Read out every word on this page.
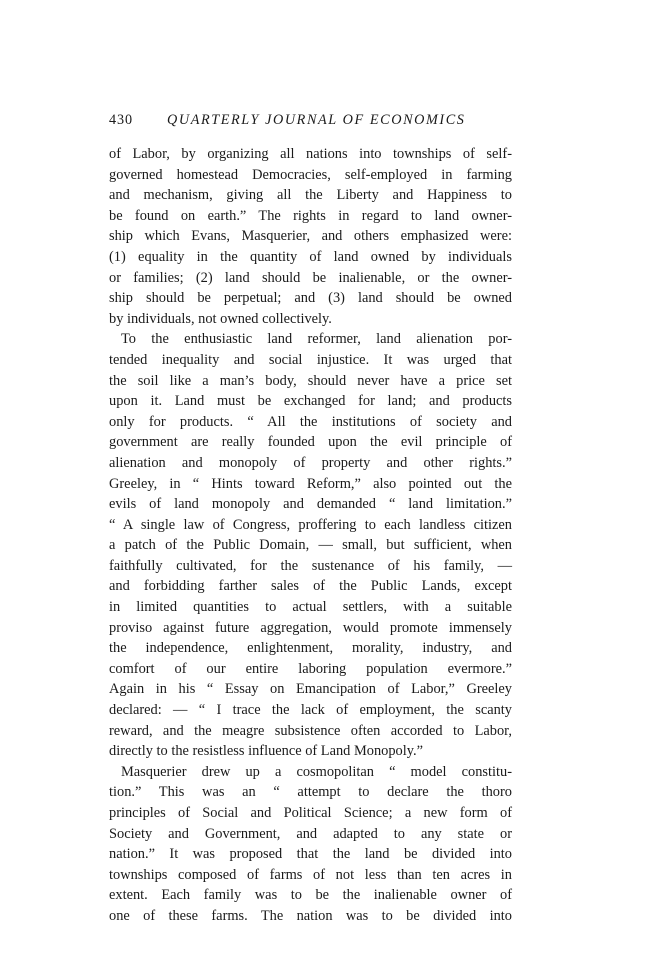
430 QUARTERLY JOURNAL OF ECONOMICS
of Labor, by organizing all nations into townships of self-
governed homestead Democracies, self-employed in farming
and mechanism, giving all the Liberty and Happiness to
be found on earth.” The rights in regard to land owner-
ship which Evans, Masquerier, and others emphasized were:
(1) equality in the quantity of land owned by individuals
or families; (2) land should be inalienable, or the owner-
ship should be perpetual; and (3) land should be owned
by individuals, not owned collectively.
To the enthusiastic land reformer, land alienation por-
tended inequality and social injustice. It was urged that
the soil like a man’s body, should never have a price set
upon it. Land must be exchanged for land; and products
only for products. “ All the institutions of society and
government are really founded upon the evil principle of
alienation and monopoly of property and other rights.”
Greeley, in “ Hints toward Reform,” also pointed out the
evils of land monopoly and demanded “ land limitation.”
“ A single law of Congress, proffering to each landless citizen
a patch of the Public Domain, — small, but sufficient, when
faithfully cultivated, for the sustenance of his family, —
and forbidding farther sales of the Public Lands, except
in limited quantities to actual settlers, with a suitable
proviso against future aggregation, would promote immensely
the independence, enlightenment, morality, industry, and
comfort of our entire laboring population evermore.”
Again in his “ Essay on Emancipation of Labor,” Greeley
declared: — “ I trace the lack of employment, the scanty
reward, and the meagre subsistence often accorded to Labor,
directly to the resistless influence of Land Monopoly.”
Masquerier drew up a cosmopolitan “ model constitu-
tion.” This was an “ attempt to declare the thoro
principles of Social and Political Science; a new form of
Society and Government, and adapted to any state or
nation.” It was proposed that the land be divided into
townships composed of farms of not less than ten acres in
extent. Each family was to be the inalienable owner of
one of these farms. The nation was to be divided into
